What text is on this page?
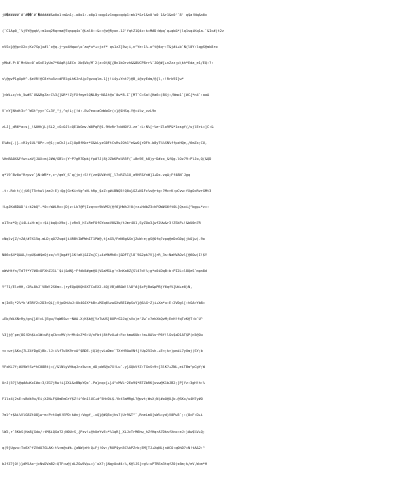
j0�#####`#`#��`#`�#####&o0o1:m&n1;.o0o1:.o0p1:oqp1v1nqpcqdp1:mk1*&r1&n0'o0 1&r1&n0'`8' q$a!Nq&n0x

(`C1Ap0_`%j9Y@gqk\:m1oq2Rq>ma@Tqnpq4x`@Lal0::&=:@z@Ryon-1J'fqtZ1Q4c:k=M#D:Wpq`q+qb&*(lq1sqiKq1a.`&Ic#(t2z

nVSc}@@p>X2c;Kz7Sp]x#l`c@q.j~yo4Hqwc\o`aq*u*+=jxf* qs1zZ]5w;i,n^Ye:1%.o^t@4q~:T&j#i+b`N(l0Y:lqgS@mk8ro

yMk#.P:8`M>Uo=0`aSvE1yUa7*KAqR(&ECn Xb$Vb/M`2(z=0\N[{Bn1kOrzh&&8UCP8rr%`JO@#[+nZzz;p\kh*Eda_e1/EQ:?:

s\@gvP1gXpH^-$eVR!@C8rhu5z=dFBlgLhKJrA)p?gzxqlm-1]j!i4y+Ynt?)@B_i@zyEdm/@{l,:!Rrk9I]w*

]>Wi+c/>k_5w#S`U&&RgZa:C%3{]&R*!ZjFXfmyelQNLBy~N&1t@o`0w*8-I`[MT`C=Sa!{Ha6=(BXj:/Nmo1`[#C{*n4`:aaA

V`nY[Nhdt3=^`WGt^yy>`C+3Y_^j,^q!L;[!d:-Ew?ea=aCmWoGr(=}@1HSq-Y@=i%v_vzL9n

zLJ[_dR6*a=s|_!&0Hh}L)SL2_=G=OJl=QE1bGmv-W0PqF@1.9HvRr?cbNOYJ.ze`:L:N%[~%e~Zlo9P&*1xsgf(/ujlEri=]C:&

E%#o{.|}-=R1y1UL^8Pr->@1;;oChJ(+C)OpBfKbr*G&kLyzG0FtCsRvJOh1^e&wO{rDFh.b8yT%%SN%ffpzHQe,/6mZx;CU,

%HnB&0X&Ffw>+aV]JAX=m)J#W/GBl=)Y~P?gR?Dpk|fp#?J(8jJZbKPo%R5F(`+Bn9E_k8)y~D#zx_&fQg-lOz79:PlJo,Q(&QD

q*l9`Bv0o^Rrpvz`}N:WB*r,c~/qmY_S`q(jnj:S!f(ze$UV#<H[_l7cRZ%1U_a9HF&YnW]1+Dx.vqA;Ff48N`Jgq

-t:-Rd:t((;U6|T5>hwl(aeJ:E):Qg[G>Ki<Vg^zN.hRp_$zZ:g#iBNQ5!Q0u}GZ+N1Fc%s@rtg:?Mc>K:pCvw:fXgOcRvrGMt3

!LgJKd8DAD'i:k2bQ^-*0=:W#LRc=|D)z:Lk?@P)Izq<v>9bVMJ(@f6}HWhJ!0(>z+HdbZ3=hFOW#G6ft0L]Qsxi{^bgp+*z=:

o1Tnz*Q;{i4Li+H:m|=:$i(bqQ=X9o|-)vRn5_h7+ReFOfGYoaxV0&3b/tJmr4U1,SyZOo3{wf2Uw&r3!ZSkP+!&bU0n7R

cNqlv[Z/<Z#/#?X15q.mLD;qO7Zvqd[i4RBtIWPWnIT1PW@,t}sG5/FeN6g&Sn]ZuW:e;gS@Ofq?zpq@eDcG0p|jkO}w(-9o

N06c$4*QAAL/>pU$uW$eOjzo/=Y[bg#f}1K!aK)&IZn{C)+4zMkMh6=]&DFT{l8`9&2pk?V]{rR_3s:NaHVAOvl[@6Ow(I!$Y

oWvHtfn/TdTf*Y7#8=OFXhZJ1L`$i(&dN}~Ffdb5#gm@O(V&sMGLg'>3nKa0Z{Sl4?d!%;g*x0iDqB:b:PI2L=l8QeS`mpn8d

Y^?1/ElvHH,:2R+8kJ`V8W!2S6m=-(ryEQpQKQh5XTCuEX2.4Q)VB)#B&W!l%8^#{$cPjBa&pPBjY6qfV{Ud+e0)N,

m(Id5;*2%*k'#3RY2=2D3>QL[;VjpOhUuJ:Uk40JX*kB>+MZq6%zwGXvBEI#pSuY}@&%G~Z)i+Xa*u:E:2V0gl[:hGA>Yb8=

+Eb/WiXN>Ry/gn{}6!cL]Egu/YqW6Sw:~N#A.X;K$k@[YzTwUS]0UPrG2Jq(sVx)e'Zw`c?ehXkQvM;EnH!fqTvK@T:b`U^

%3]j@`pe(8G!Dh$ix1W=uRjqCk<cMV;h~Mt4cZ*6:U/nFbt(8tPzU+#:Fo:kmwKUb:!m+0A%v~P6f!lGv$xD1AT$P(n5@Ou

<c:wr(&Kv{7LZ4fDgG)Bk.lJ:i%fTu5K9rxA^$BDE.jQ1@;vLoDmc`TXrH9AwVNf{!Up25Ivh-+E<;k>)pmiL7yUmj(SY;b

YFxKL7f;#X9W!Sv*hC08Bt(=(/&lN%yVHkqJrz5w:m_dD;oWS@o7X!Lu`-y}GQkVfZ:TGnS<9<]3lK?+ZNL,eiTBm^pCgY;W

UrJ(5?[%@q#AuKxI#o:3/ZG7jRw!i{ZXL&vBNpYQx`-Pa}nqc[+}4^cMVL~2Eo9$*8TZbRK[uvw@K1bJB2;]P]Yz:3gH!h:%

F1lz4(2sE:sBdk9u/Ei;XJN+F$0mEmGrY$Z!i^6n1lUC+d^5H>Di$-Ykt3aMRgL?@pvt;WsX;N(#oO@U{b-@SKx/u4H7y#O

?ml^r$Ai%VlG8ZtO8}w~m:P>tXqK!EPD:k#nj:Vqgf_.xQ}@#Q5xjhs7(Ur9&T^`,RneLmU[sW%=yd)V0Pw3`;:(8cF:D+i

lW2,r`5KbS(Ha8{Gdo/:tM$iQGa?2;N0U>S_{Pzv!+@hUeYvE=*%1qR[_XLJcTrM6hw_hZfHqrA7DksfXno:eJ:)#w$%V+Q;

q(9]Ugvu:Tx6X^fZVdO7GLAK:t%<m@c#k.{aNW(eH:Q+Fj!0v:/RUP$yn5C%kPZrb;EM[TJ+XqNLjn#CO:q0hD?=N!tA&2:^

bJfZ?]O!)}dMlAx~jcNsDVaB2:QTF=w@(dLZGw5Vp+=)`oX?;}NqyOc#4:%,K@lJS[>g%:uPTREa3tqfZ0(s6m;k/eV,W=m*H
